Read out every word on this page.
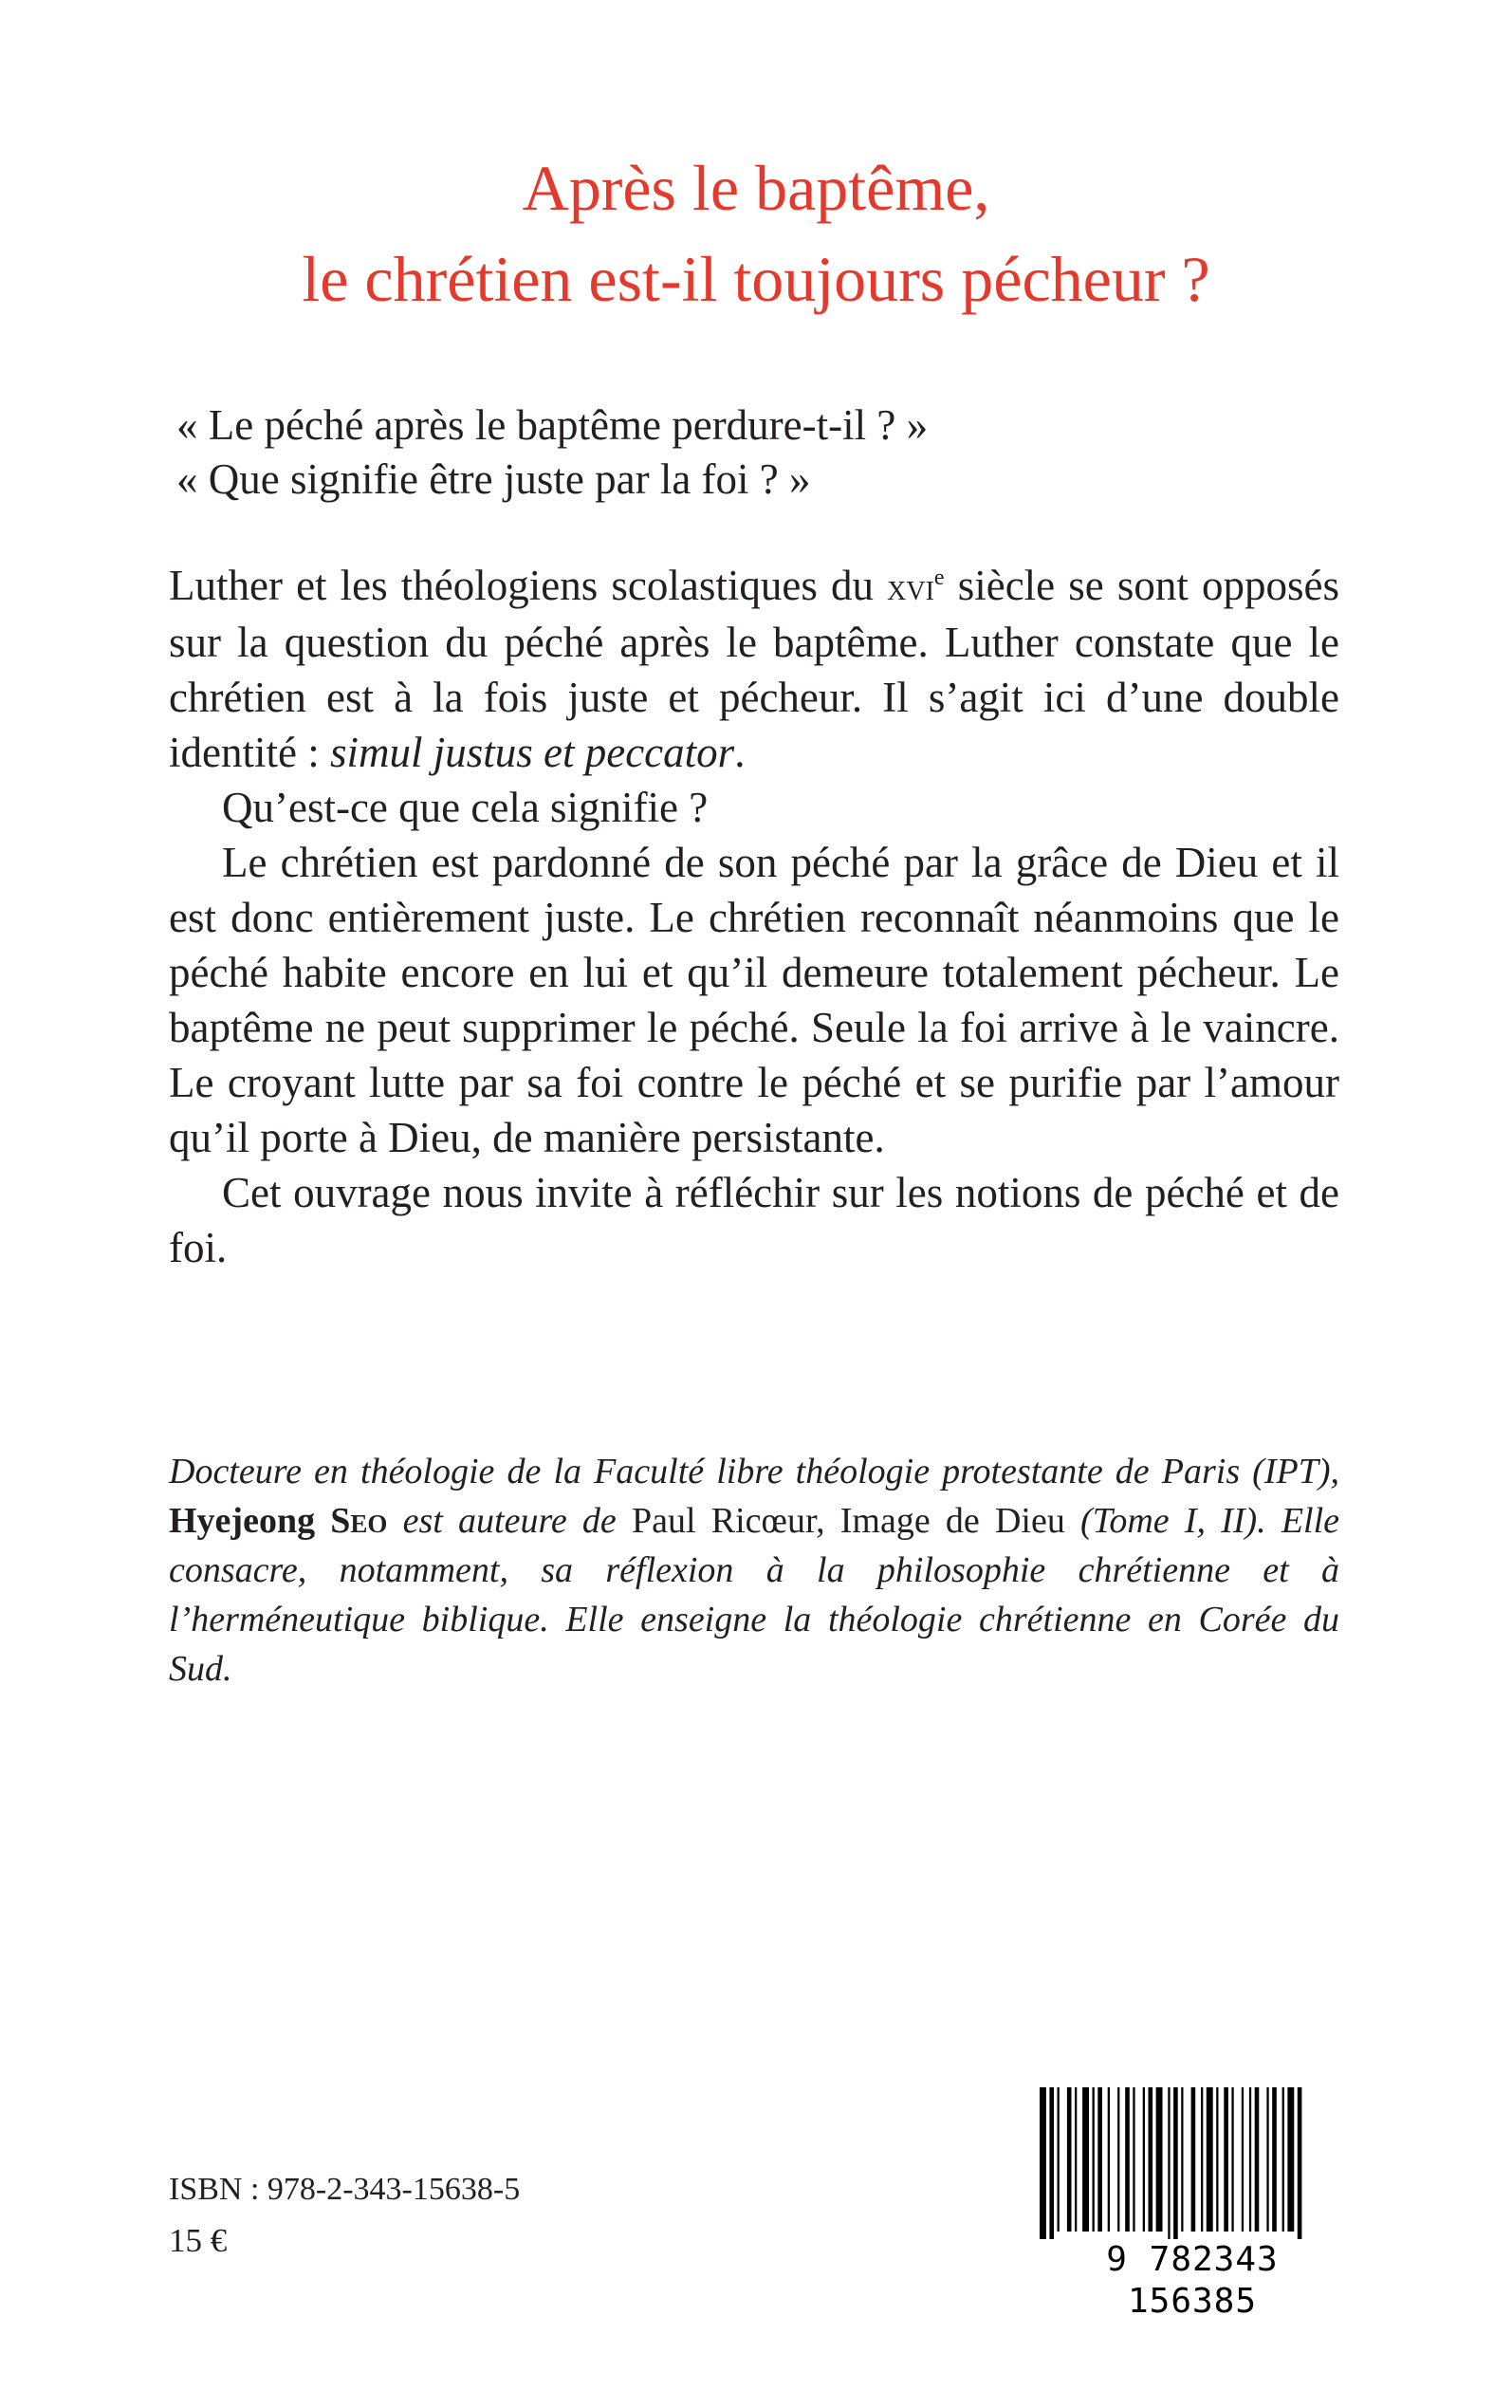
Après le baptême,
le chrétien est-il toujours pécheur ?
« Le péché après le baptême perdure-t-il ? »
« Que signifie être juste par la foi ? »

Luther et les théologiens scolastiques du xvi$^e$ siècle se sont opposés sur la question du péché après le baptême. Luther constate que le chrétien est à la fois juste et pécheur. Il s’agit ici d’une double identité : simul justus et peccator.

Qu’est-ce que cela signifie ?

Le chrétien est pardonné de son péché par la grâce de Dieu et il est donc entièrement juste. Le chrétien reconnaît néanmoins que le péché habite encore en lui et qu’il demeure totalement pécheur. Le baptême ne peut supprimer le péché. Seule la foi arrive à le vaincre. Le croyant lutte par sa foi contre le péché et se purifie par l’amour qu’il porte à Dieu, de manière persistante.

Cet ouvrage nous invite à réfléchir sur les notions de péché et de foi.

Docteure en théologie de la Faculté libre théologie protestante de Paris (IPT), Hyejeong Seo est auteure de Paul Ricœur, Image de Dieu (Tome I, II). Elle consacre, notamment, sa réflexion à la philosophie chrétienne et à l’herméneutique biblique. Elle enseigne la théologie chrétienne en Corée du Sud.

ISBN : 978-2-343-15638-5
15 €	9 782343 156385
